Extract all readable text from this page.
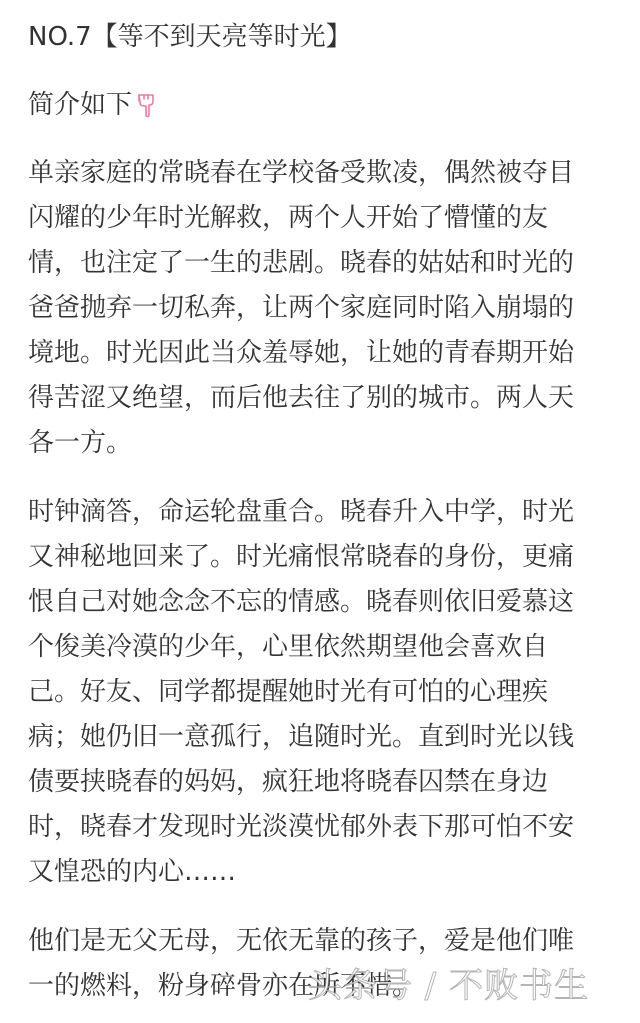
NO.7【等不到天亮等时光】
简介如下
单亲家庭的常晓春在学校备受欺凌，偶然被夺目
闪耀的少年时光解救，两个人开始了懵懂的友
情，也注定了一生的悲剧。晓春的姑姑和时光的
爸爸抛弃一切私奔，让两个家庭同时陷入崩塌的
境地。时光因此当众羞辱她，让她的青春期开始
得苦涩又绝望，而后他去往了别的城市。两人天
各一方。
时钟滴答，命运轮盘重合。晓春升入中学，时光
又神秘地回来了。时光痛恨常晓春的身份，更痛
恨自己对她念念不忘的情感。晓春则依旧爱慕这
个俊美冷漠的少年，心里依然期望他会喜欢自
己。好友、同学都提醒她时光有可怕的心理疾
病；她仍旧一意孤行，追随时光。直到时光以钱
债要挟晓春的妈妈，疯狂地将晓春囚禁在身边
时，晓春才发现时光淡漠忧郁外表下那可怕不安
又惶恐的内心……
他们是无父无母，无依无靠的孩子，爱是他们唯
一的燃料，粉身碎骨亦在所不惜。
头条号 / 不败书生
